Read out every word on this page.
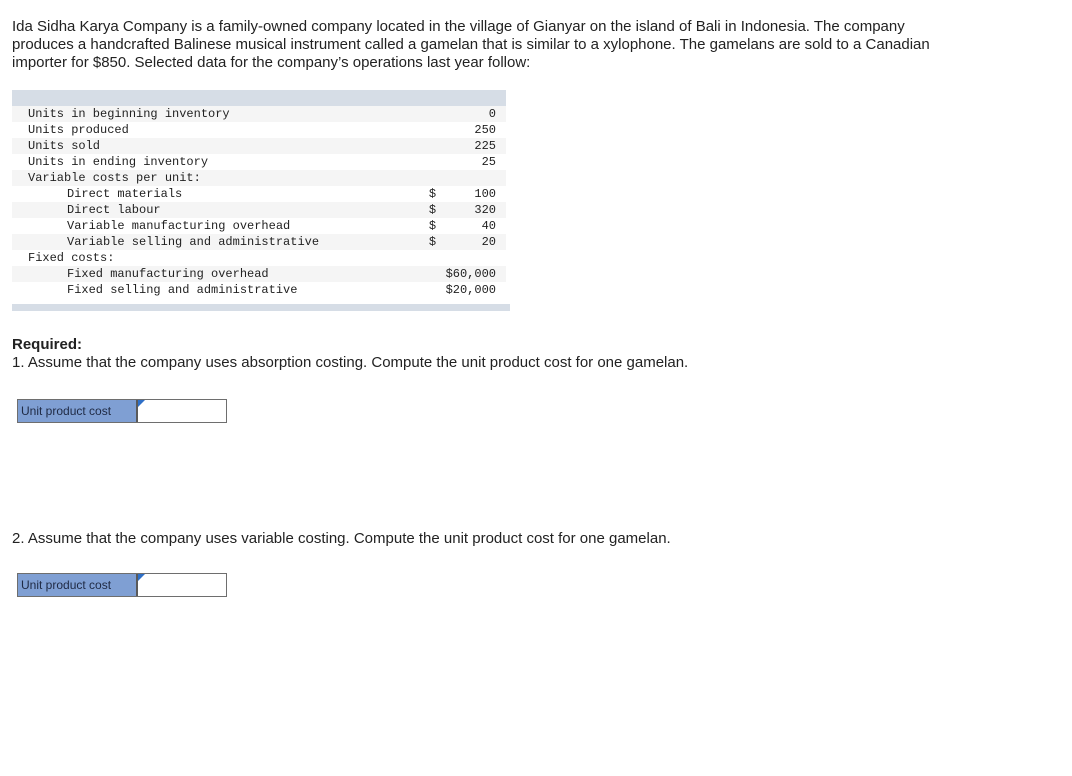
Ida Sidha Karya Company is a family-owned company located in the village of Gianyar on the island of Bali in Indonesia. The company produces a handcrafted Balinese musical instrument called a gamelan that is similar to a xylophone. The gamelans are sold to a Canadian importer for $850. Selected data for the company’s operations last year follow:

Units in beginning inventory		0
Units produced		250
Units sold		225
Units in ending inventory		25
Variable costs per unit:		
Direct materials	$	100
Direct labour	$	320
Variable manufacturing overhead	$	40
Variable selling and administrative	$	20
Fixed costs:		
Fixed manufacturing overhead		$60,000
Fixed selling and administrative		$20,000

Required:

1. Assume that the company uses absorption costing. Compute the unit product cost for one gamelan.

Unit product cost

2. Assume that the company uses variable costing. Compute the unit product cost for one gamelan.

Unit product cost
